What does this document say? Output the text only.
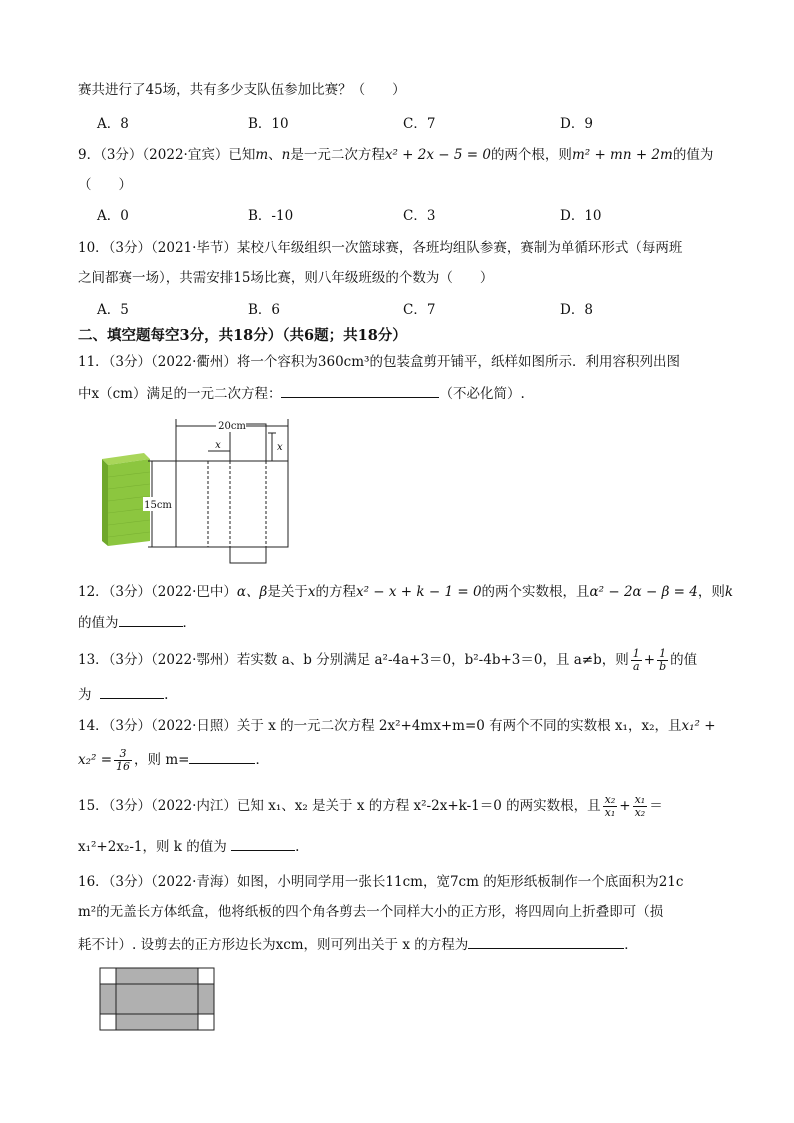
赛共进行了45场，共有多少支队伍参加比赛？（　　）
A．8	B．10	C．7	D．9
9．（3分）（2022·宜宾）已知m、n是一元二次方程x² + 2x − 5 = 0的两个根，则m² + mn + 2m的值为
（　　）
A．0	B．-10	C．3	D．10
10．（3分）（2021·毕节）某校八年级组织一次篮球赛，各班均组队参赛，赛制为单循环形式（每两班
之间都赛一场），共需安排15场比赛，则八年级班级的个数为（　　）
A．5	B．6	C．7	D．8
二、填空题每空3分，共18分）（共6题；共18分）
11．（3分）（2022·衢州）将一个容积为360cm³的包装盒剪开铺平，纸样如图所示．利用容积列出图
中x（cm）满足的一元二次方程：	（不必化简）.
20cm
x	x
15cm
12．（3分）（2022·巴中）α、β是关于x的方程x² − x + k − 1 = 0的两个实数根，且α² − 2α − β = 4，则k
的值为	．
13．（3分）（2022·鄂州）若实数 a、b 分别满足 a²-4a+3＝0，b²-4b+3＝0，且 a≠b，则 $\frac{1}{a} + \frac{1}{b}$ 的值
为	.
14．（3分）（2022·日照）关于 x 的一元二次方程 2x²+4mx+m=0 有两个不同的实数根 x₁，x₂，且x₁² +
$x_2^2 = \frac{3}{16}$ ，则 m=	．
15．（3分）（2022·内江）已知 x₁、x₂ 是关于 x 的方程 x²-2x+k-1＝0 的两实数根，且 $\frac{\text{x₂}}{\text{x₁}} + \frac{\text{x₁}}{\text{x₂}}$ ＝
x₁²+2x₂-1，则 k 的值为	.
16．（3分）（2022·青海）如图，小明同学用一张长11cm，宽7cm 的矩形纸板制作一个底面积为21c
m²的无盖长方体纸盒，他将纸板的四个角各剪去一个同样大小的正方形，将四周向上折叠即可（损
耗不计）. 设剪去的正方形边长为xcm，则可列出关于 x 的方程为	．
